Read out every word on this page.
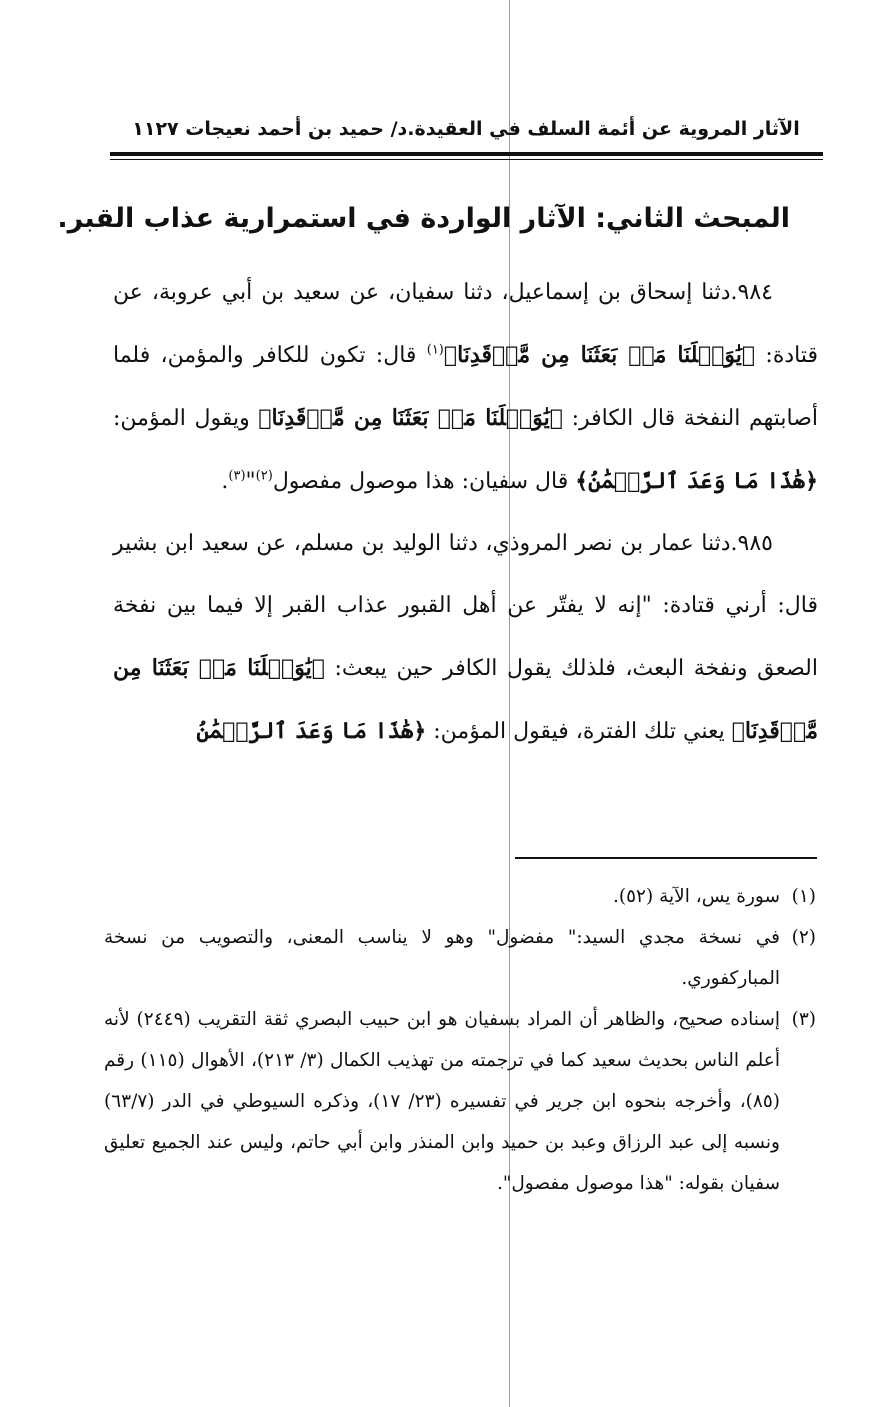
الآثار المروية عن أئمة السلف في العقيدة.د/ حميد بن أحمد نعيجات ١١٢٧
المبحث الثاني: الآثار الواردة في استمرارية عذاب القبر.

٩٨٤.دثنا إسحاق بن إسماعيل، دثنا سفيان، عن سعيد بن أبي عروبة، عن قتادة: ﴿يَٰوَيۡلَنَا مَنۢ بَعَثَنَا مِن مَّرۡقَدِنَا﴾$^{(١)}$ قال: تكون للكافر والمؤمن، فلما أصابتهم النفخة قال الكافر: ﴿يَٰوَيۡلَنَا مَنۢ بَعَثَنَا مِن مَّرۡقَدِنَا﴾ ويقول المؤمن: ﴿هَٰذَا مَا وَعَدَ ٱلرَّحۡمَٰنُ﴾ قال سفيان: هذا موصول مفصول$^{(٢)}$"$^{(٣)}$.

٩٨٥.دثنا عمار بن نصر المروذي، دثنا الوليد بن مسلم، عن سعيد ابن بشير قال: أرني قتادة: "إنه لا يفتّر عن أهل القبور عذاب القبر إلا فيما بين نفخة الصعق ونفخة البعث، فلذلك يقول الكافر حين يبعث: ﴿يَٰوَيۡلَنَا مَنۢ بَعَثَنَا مِن مَّرۡقَدِنَا﴾ يعني تلك الفترة، فيقول المؤمن: ﴿هَٰذَا مَا وَعَدَ ٱلرَّحۡمَٰنُ

(١)
سورة يس، الآية (٥٢).

(٢)
في نسخة مجدي السيد:" مفضول" وهو لا يناسب المعنى، والتصويب من نسخة المباركفوري.

(٣)
إسناده صحيح، والظاهر أن المراد بسفيان هو ابن حبيب البصري ثقة التقريب (٢٤٤٩) لأنه أعلم الناس بحديث سعيد كما في ترجمته من تهذيب الكمال (٣/ ٢١٣)، الأهوال (١١٥) رقم (٨٥)، وأخرجه بنحوه ابن جرير في تفسيره (٢٣/ ١٧)، وذكره السيوطي في الدر (٦٣/٧) ونسبه إلى عبد الرزاق وعبد بن حميد وابن المنذر وابن أبي حاتم، وليس عند الجميع تعليق سفيان بقوله: "هذا موصول مفصول".
